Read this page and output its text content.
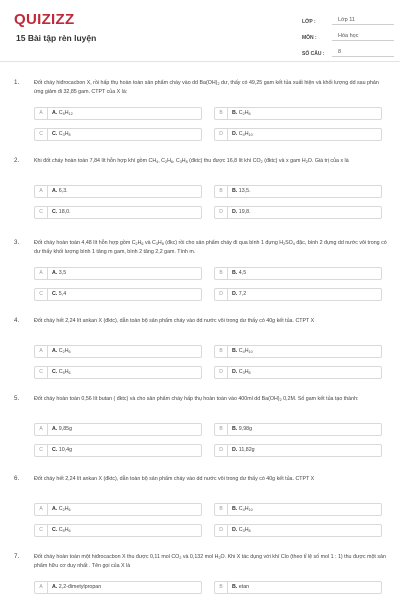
QUIZIZZ
15 Bài tập rèn luyện
LỚP :	Lớp 11
MÔN :	Hóa học
SỐ CÂU :	8
1.	Đốt cháy hiđrocacbon X, rồi hấp thụ hoàn toàn sản phẩm cháy vào dd $Ba(OH)_2$ dư, thấy có 49,25 gam kết tủa xuất hiện và khối lượng dd sau phản ứng giảm đi 32,85 gam. CTPT của X là:
A	A. $C_5H_{12}$	B	B. $C_2H_6$
C	C. $C_3H_8$	D	D. $C_4H_{10}$
2.	Khi đốt cháy hoàn toàn 7,84 lít hỗn hợp khí gồm $CH_4$, $C_2H_6$, $C_3H_8$ (đktc) thu được 16,8 lít khí $CO_2$ (đktc) và x gam $H_2O$. Giá trị của x là
A	A. 6,3.	B	B. 13,5.
C	C. 18,0.	D	D. 19,8.
3.	Đốt cháy hoàn toàn 4,48 lít hỗn hợp gồm $C_2H_6$ và $C_3H_8$ (đkc) rồi cho sản phẩm cháy đi qua bình 1 đựng $H_2SO_4$ đặc, bình 2 đựng dd nước vôi trong có dư thấy khối lượng bình 1 tăng m gam, bình 2 tăng 2,2 gam. Tính m.
A	A. 3,5	B	B. 4,5
C	C. 5,4	D	D. 7,2
4.	Đốt cháy hết 2,24 lít ankan X (đktc), dẫn toàn bộ sản phẩm cháy vào dd nước vôi trong dư thấy có 40g kết tủa. CTPT X
A	A. $C_2H_6$	B	B. $C_4H_{10}$
C	C. $C_5H_6$	D	D. $C_3H_8$
5.	Đốt cháy hoàn toàn 0,56 lít butan ( đktc) và cho sản phẩm cháy hấp thụ hoàn toàn vào 400ml dd $Ba(OH)_2$ 0,2M. Số gam kết tủa tạo thành:
A	A. 9,85g	B	B. 9,98g
C	C. 10,4g	D	D. 11,82g
6.	Đốt cháy hết 2,24 lít ankan X (đktc), dẫn toàn bộ sản phẩm cháy vào dd nước vôi trong dư thấy có 40g kết tủa. CTPT X
A	A. $C_2H_6$	B	B. $C_4H_{10}$
C	C. $C_5H_6$	D	D. $C_3H_8$
7.	Đốt cháy hoàn toàn một hiđrocacbon X thu được 0,11 mol $CO_2$ và 0,132 mol $H_2O$. Khi X tác dụng với khí Clo (theo tỉ lệ số mol 1 : 1) thu được một sản phẩm hữu cơ duy nhất . Tên gọi của X là
A	A. 2,2-đimetylpropan	B	B. etan
